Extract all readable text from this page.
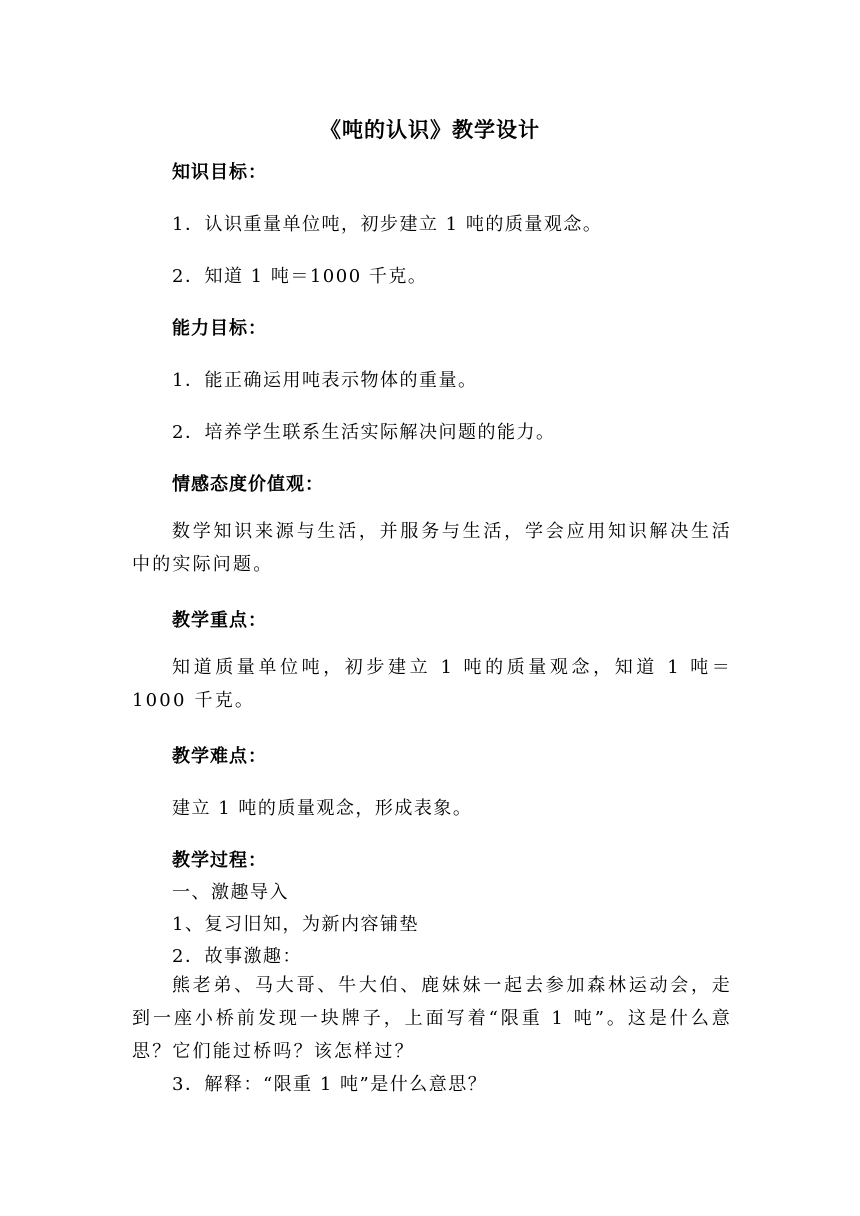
《吨的认识》教学设计
知识目标：
1．认识重量单位吨，初步建立 1 吨的质量观念。
2．知道 1 吨＝1000 千克。
能力目标：
1．能正确运用吨表示物体的重量。
2．培养学生联系生活实际解决问题的能力。
情感态度价值观：
数学知识来源与生活，并服务与生活，学会应用知识解决生活中的实际问题。
教学重点：
知道质量单位吨，初步建立 1 吨的质量观念，知道 1 吨＝1000 千克。
教学难点：
建立 1 吨的质量观念，形成表象。
教学过程：
一、激趣导入
1、复习旧知，为新内容铺垫
2．故事激趣：
熊老弟、马大哥、牛大伯、鹿妹妹一起去参加森林运动会，走到一座小桥前发现一块牌子，上面写着“限重 1 吨”。这是什么意思？它们能过桥吗？该怎样过？
3．解释：“限重 1 吨”是什么意思？
